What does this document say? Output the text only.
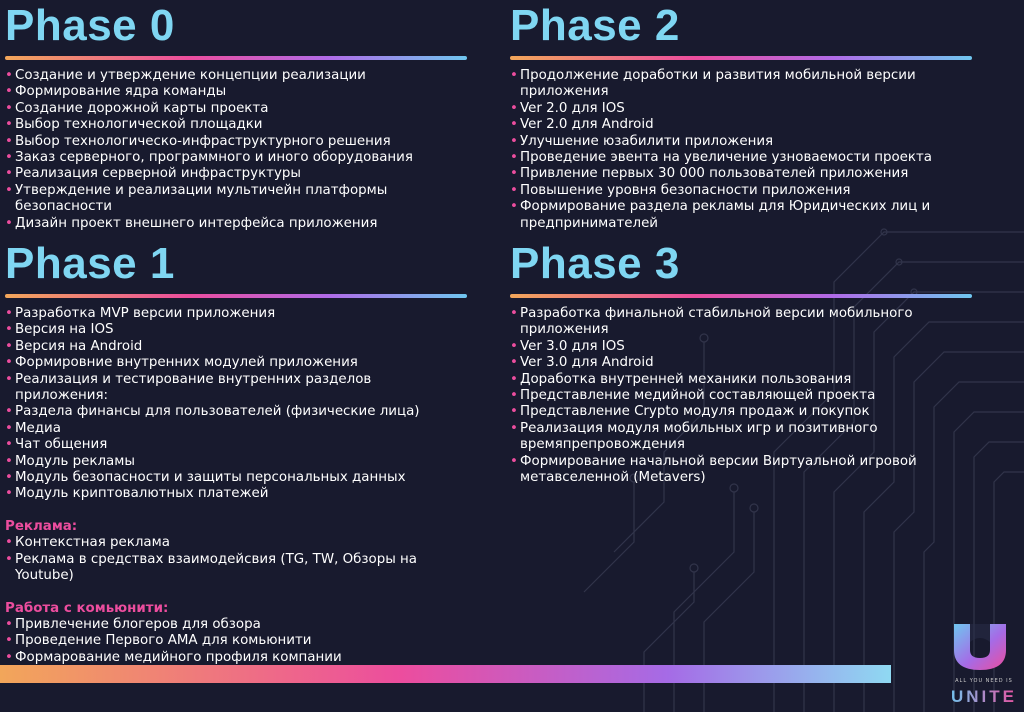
Phase 0
• Создание и утверждение концепции реализации
• Формирование ядра команды
• Создание дорожной карты проекта
• Выбор технологической площадки
• Выбор технологическо-инфраструктурного решения
• Заказ серверного, программного и иного оборудования
• Реализация серверной инфраструктуры
• Утверждение и реализации мультичейн платформы безопасности
• Дизайн проект внешнего интерфейса приложения
Phase 2
• Продолжение доработки и развития мобильной версии приложения
• Ver 2.0 для IOS
• Ver 2.0 для Android
• Улучшение юзабилити приложения
• Проведение эвента на увеличение узноваемости проекта
• Привление первых 30 000 пользователей приложения
• Повышение уровня безопасности приложения
• Формирование раздела рекламы для Юридических лиц и предпринимателей
Phase 1
• Разработка MVP версии приложения
• Версия на IOS
• Версия на Android
• Формировние внутренних модулей приложения
• Реализация и тестирование внутренних разделов приложения:
• Раздела финансы для пользователей (физические лица)
• Медиа
• Чат общения
• Модуль рекламы
• Модуль безопасности и защиты персональных данных
• Модуль криптовалютных платежей
Реклама:
• Контекстная реклама
• Реклама в средствах взаимодейсвия (TG, TW, Обзоры на Youtube)
Работа с комьюнити:
• Привлечение блогеров для обзора
• Проведение Первого AMA для комьюнити
• Формарование медийного профиля компании
Phase 3
• Разработка финальной стабильной версии мобильного приложения
• Ver 3.0 для IOS
• Ver 3.0 для Android
• Доработка внутренней механики пользования
• Представление медийной составляющей проекта
• Представление Crypto модуля продаж и покупок
• Реализация модуля мобильных игр и позитивного времяпрепровождения
• Формирование начальной версии Виртуальной игровой метавселенной (Metavers)
ALL YOU NEED IS
UNITE
